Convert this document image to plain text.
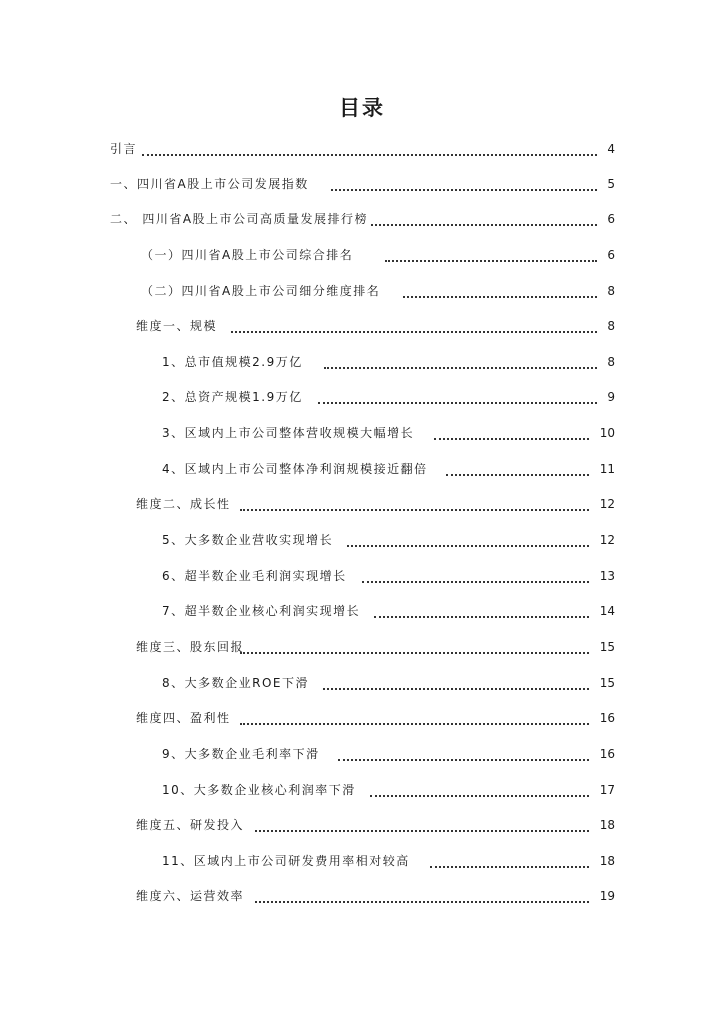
目录
引言	4
一、四川省A股上市公司发展指数	5
二、 四川省A股上市公司高质量发展排行榜	6
（一）四川省A股上市公司综合排名	6
（二）四川省A股上市公司细分维度排名	8
维度一、规模	8
1、总市值规模2.9万亿	8
2、总资产规模1.9万亿	9
3、区域内上市公司整体营收规模大幅增长	10
4、区域内上市公司整体净利润规模接近翻倍	11
维度二、成长性	12
5、大多数企业营收实现增长	12
6、超半数企业毛利润实现增长	13
7、超半数企业核心利润实现增长	14
维度三、股东回报	15
8、大多数企业ROE下滑	15
维度四、盈利性	16
9、大多数企业毛利率下滑	16
10、大多数企业核心利润率下滑	17
维度五、研发投入	18
11、区域内上市公司研发费用率相对较高	18
维度六、运营效率	19
